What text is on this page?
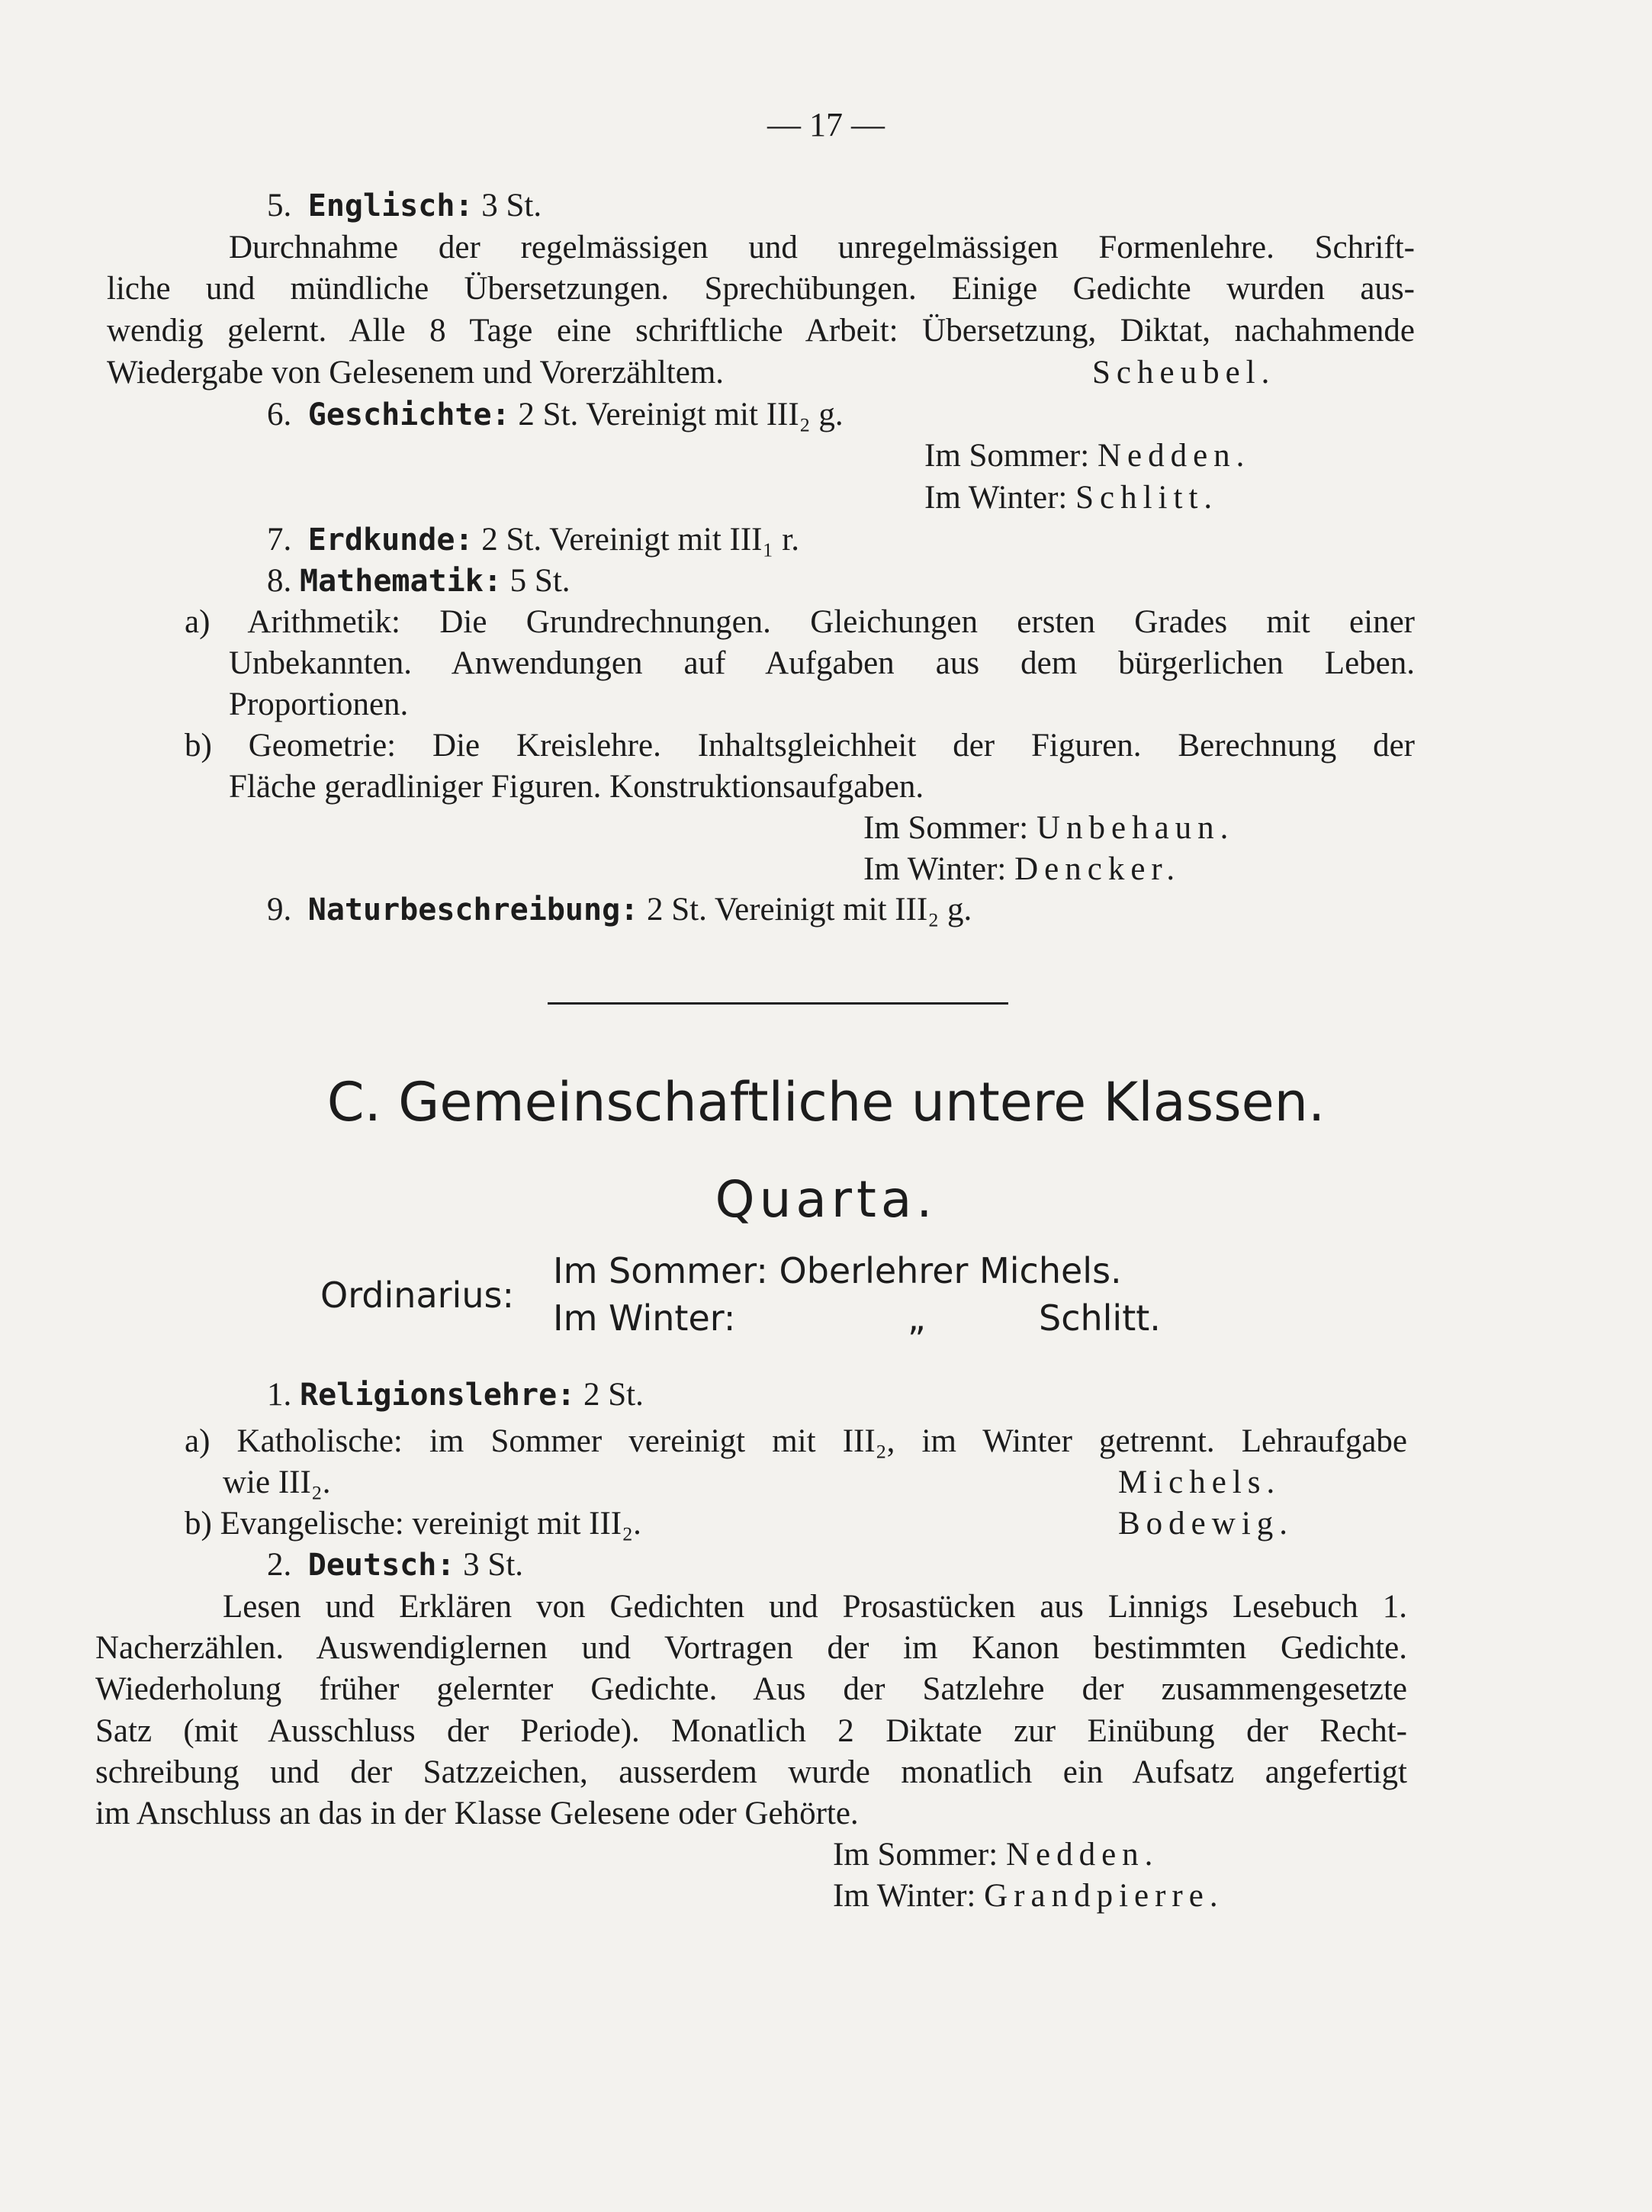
— 17 —
5. Englisch: 3 St.
Durchnahme der regelmässigen und unregelmässigen Formenlehre. Schrift-
liche und mündliche Übersetzungen. Sprechübungen. Einige Gedichte wurden aus-
wendig gelernt. Alle 8 Tage eine schriftliche Arbeit: Übersetzung, Diktat, nachahmende
Wiedergabe von Gelesenem und Vorerzähltem.	Scheubel.
6. Geschichte: 2 St. Vereinigt mit III₂ g.
Im Sommer: Nedden.
Im Winter: Schlitt.
7. Erdkunde: 2 St. Vereinigt mit III₁ r.
8. Mathematik: 5 St.
a) Arithmetik: Die Grundrechnungen. Gleichungen ersten Grades mit einer
Unbekannten. Anwendungen auf Aufgaben aus dem bürgerlichen Leben.
Proportionen.
b) Geometrie: Die Kreislehre. Inhaltsgleichheit der Figuren. Berechnung der
Fläche geradliniger Figuren. Konstruktionsaufgaben.
Im Sommer: Unbehaun.
Im Winter: Dencker.
9. Naturbeschreibung: 2 St. Vereinigt mit III₂ g.
C. Gemeinschaftliche untere Klassen.
Quarta.
Ordinarius:
Im Sommer: Oberlehrer Michels.
Im Winter:	„	Schlitt.
1. Religionslehre: 2 St.
a) Katholische: im Sommer vereinigt mit III₂, im Winter getrennt. Lehraufgabe
wie III₂.	Michels.
b) Evangelische: vereinigt mit III₂.	Bodewig.
2. Deutsch: 3 St.
Lesen und Erklären von Gedichten und Prosastücken aus Linnigs Lesebuch 1.
Nacherzählen. Auswendiglernen und Vortragen der im Kanon bestimmten Gedichte.
Wiederholung früher gelernter Gedichte. Aus der Satzlehre der zusammengesetzte
Satz (mit Ausschluss der Periode). Monatlich 2 Diktate zur Einübung der Recht-
schreibung und der Satzzeichen, ausserdem wurde monatlich ein Aufsatz angefertigt
im Anschluss an das in der Klasse Gelesene oder Gehörte.
Im Sommer: Nedden.
Im Winter: Grandpierre.
